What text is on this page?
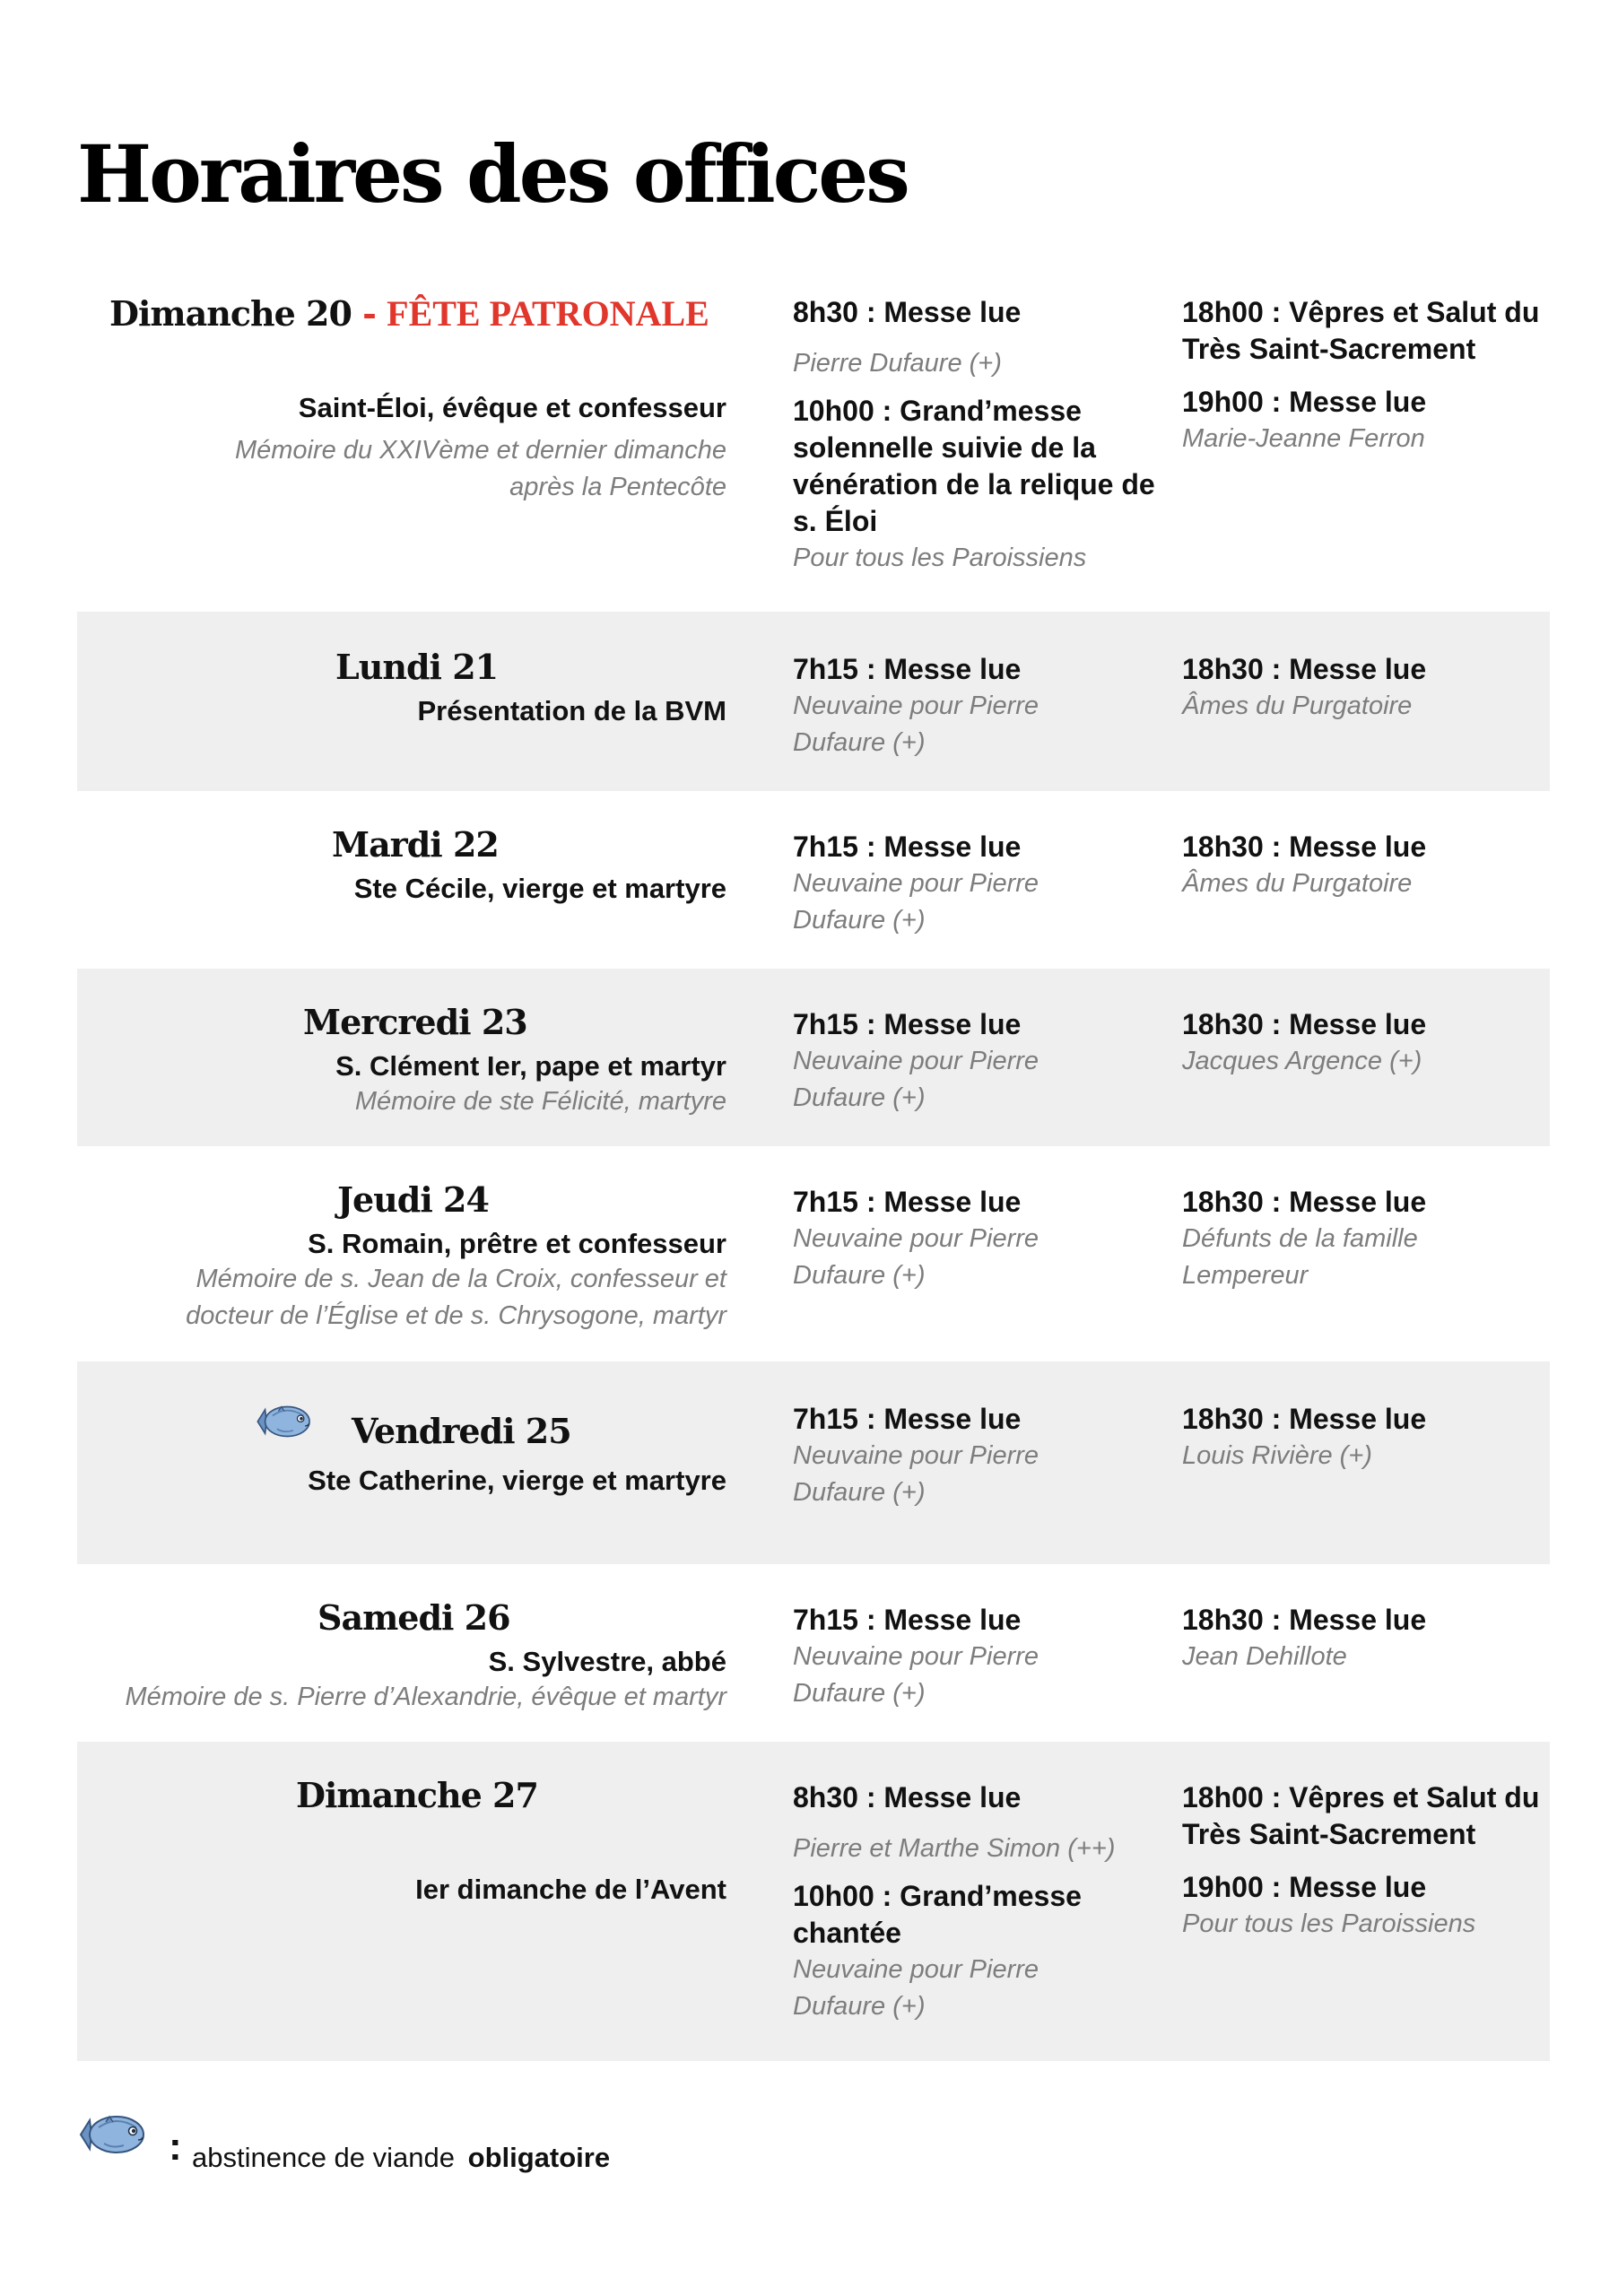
Horaires des offices
Dimanche 20 - FÊTE PATRONALE
Saint-Éloi, évêque et confesseur
Mémoire du XXIVème et dernier dimanche après la Pentecôte
8h30 : Messe lue
Pierre Dufaure (+)
10h00 : Grand’messe solennelle suivie de la vénération de la relique de s. Éloi
Pour tous les Paroissiens
18h00 : Vêpres et Salut du Très Saint-Sacrement
19h00 : Messe lue
Marie-Jeanne Ferron
Lundi 21
Présentation de la BVM
7h15 : Messe lue
Neuvaine pour Pierre Dufaure (+)
18h30 : Messe lue
Âmes du Purgatoire
Mardi 22
Ste Cécile, vierge et martyre
7h15 : Messe lue
Neuvaine pour Pierre Dufaure (+)
18h30 : Messe lue
Âmes du Purgatoire
Mercredi 23
S. Clément Ier, pape et martyr
Mémoire de ste Félicité, martyre
7h15 : Messe lue
Neuvaine pour Pierre Dufaure (+)
18h30 : Messe lue
Jacques Argence (+)
Jeudi 24
S. Romain, prêtre et confesseur
Mémoire de s. Jean de la Croix, confesseur et docteur de l’Église et de s. Chrysogone, martyr
7h15 : Messe lue
Neuvaine pour Pierre Dufaure (+)
18h30 : Messe lue
Défunts de la famille Lempereur
Vendredi 25
Ste Catherine, vierge et martyre
7h15 : Messe lue
Neuvaine pour Pierre Dufaure (+)
18h30 : Messe lue
Louis Rivière (+)
Samedi 26
S. Sylvestre, abbé
Mémoire de s. Pierre d’Alexandrie, évêque et martyr
7h15 : Messe lue
Neuvaine pour Pierre Dufaure (+)
18h30 : Messe lue
Jean Dehillote
Dimanche 27
Ier dimanche de l’Avent
8h30 : Messe lue
Pierre et Marthe Simon (++)
10h00 : Grand’messe chantée
Neuvaine pour Pierre Dufaure (+)
18h00 : Vêpres et Salut du Très Saint-Sacrement
19h00 : Messe lue
Pour tous les Paroissiens
: abstinence de viande obligatoire
